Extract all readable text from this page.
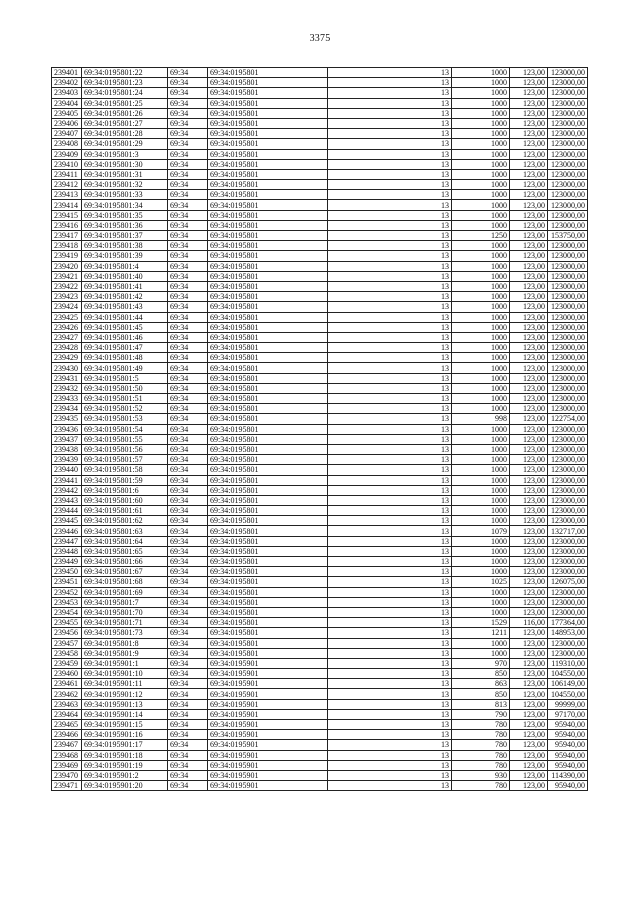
3375
239401	69:34:0195801:22	69:34	69:34:0195801	13	1000	123,00	123000,00
239402	69:34:0195801:23	69:34	69:34:0195801	13	1000	123,00	123000,00
239403	69:34:0195801:24	69:34	69:34:0195801	13	1000	123,00	123000,00
239404	69:34:0195801:25	69:34	69:34:0195801	13	1000	123,00	123000,00
239405	69:34:0195801:26	69:34	69:34:0195801	13	1000	123,00	123000,00
239406	69:34:0195801:27	69:34	69:34:0195801	13	1000	123,00	123000,00
239407	69:34:0195801:28	69:34	69:34:0195801	13	1000	123,00	123000,00
239408	69:34:0195801:29	69:34	69:34:0195801	13	1000	123,00	123000,00
239409	69:34:0195801:3	69:34	69:34:0195801	13	1000	123,00	123000,00
239410	69:34:0195801:30	69:34	69:34:0195801	13	1000	123,00	123000,00
239411	69:34:0195801:31	69:34	69:34:0195801	13	1000	123,00	123000,00
239412	69:34:0195801:32	69:34	69:34:0195801	13	1000	123,00	123000,00
239413	69:34:0195801:33	69:34	69:34:0195801	13	1000	123,00	123000,00
239414	69:34:0195801:34	69:34	69:34:0195801	13	1000	123,00	123000,00
239415	69:34:0195801:35	69:34	69:34:0195801	13	1000	123,00	123000,00
239416	69:34:0195801:36	69:34	69:34:0195801	13	1000	123,00	123000,00
239417	69:34:0195801:37	69:34	69:34:0195801	13	1250	123,00	153750,00
239418	69:34:0195801:38	69:34	69:34:0195801	13	1000	123,00	123000,00
239419	69:34:0195801:39	69:34	69:34:0195801	13	1000	123,00	123000,00
239420	69:34:0195801:4	69:34	69:34:0195801	13	1000	123,00	123000,00
239421	69:34:0195801:40	69:34	69:34:0195801	13	1000	123,00	123000,00
239422	69:34:0195801:41	69:34	69:34:0195801	13	1000	123,00	123000,00
239423	69:34:0195801:42	69:34	69:34:0195801	13	1000	123,00	123000,00
239424	69:34:0195801:43	69:34	69:34:0195801	13	1000	123,00	123000,00
239425	69:34:0195801:44	69:34	69:34:0195801	13	1000	123,00	123000,00
239426	69:34:0195801:45	69:34	69:34:0195801	13	1000	123,00	123000,00
239427	69:34:0195801:46	69:34	69:34:0195801	13	1000	123,00	123000,00
239428	69:34:0195801:47	69:34	69:34:0195801	13	1000	123,00	123000,00
239429	69:34:0195801:48	69:34	69:34:0195801	13	1000	123,00	123000,00
239430	69:34:0195801:49	69:34	69:34:0195801	13	1000	123,00	123000,00
239431	69:34:0195801:5	69:34	69:34:0195801	13	1000	123,00	123000,00
239432	69:34:0195801:50	69:34	69:34:0195801	13	1000	123,00	123000,00
239433	69:34:0195801:51	69:34	69:34:0195801	13	1000	123,00	123000,00
239434	69:34:0195801:52	69:34	69:34:0195801	13	1000	123,00	123000,00
239435	69:34:0195801:53	69:34	69:34:0195801	13	998	123,00	122754,00
239436	69:34:0195801:54	69:34	69:34:0195801	13	1000	123,00	123000,00
239437	69:34:0195801:55	69:34	69:34:0195801	13	1000	123,00	123000,00
239438	69:34:0195801:56	69:34	69:34:0195801	13	1000	123,00	123000,00
239439	69:34:0195801:57	69:34	69:34:0195801	13	1000	123,00	123000,00
239440	69:34:0195801:58	69:34	69:34:0195801	13	1000	123,00	123000,00
239441	69:34:0195801:59	69:34	69:34:0195801	13	1000	123,00	123000,00
239442	69:34:0195801:6	69:34	69:34:0195801	13	1000	123,00	123000,00
239443	69:34:0195801:60	69:34	69:34:0195801	13	1000	123,00	123000,00
239444	69:34:0195801:61	69:34	69:34:0195801	13	1000	123,00	123000,00
239445	69:34:0195801:62	69:34	69:34:0195801	13	1000	123,00	123000,00
239446	69:34:0195801:63	69:34	69:34:0195801	13	1079	123,00	132717,00
239447	69:34:0195801:64	69:34	69:34:0195801	13	1000	123,00	123000,00
239448	69:34:0195801:65	69:34	69:34:0195801	13	1000	123,00	123000,00
239449	69:34:0195801:66	69:34	69:34:0195801	13	1000	123,00	123000,00
239450	69:34:0195801:67	69:34	69:34:0195801	13	1000	123,00	123000,00
239451	69:34:0195801:68	69:34	69:34:0195801	13	1025	123,00	126075,00
239452	69:34:0195801:69	69:34	69:34:0195801	13	1000	123,00	123000,00
239453	69:34:0195801:7	69:34	69:34:0195801	13	1000	123,00	123000,00
239454	69:34:0195801:70	69:34	69:34:0195801	13	1000	123,00	123000,00
239455	69:34:0195801:71	69:34	69:34:0195801	13	1529	116,00	177364,00
239456	69:34:0195801:73	69:34	69:34:0195801	13	1211	123,00	148953,00
239457	69:34:0195801:8	69:34	69:34:0195801	13	1000	123,00	123000,00
239458	69:34:0195801:9	69:34	69:34:0195801	13	1000	123,00	123000,00
239459	69:34:0195901:1	69:34	69:34:0195901	13	970	123,00	119310,00
239460	69:34:0195901:10	69:34	69:34:0195901	13	850	123,00	104550,00
239461	69:34:0195901:11	69:34	69:34:0195901	13	863	123,00	106149,00
239462	69:34:0195901:12	69:34	69:34:0195901	13	850	123,00	104550,00
239463	69:34:0195901:13	69:34	69:34:0195901	13	813	123,00	99999,00
239464	69:34:0195901:14	69:34	69:34:0195901	13	790	123,00	97170,00
239465	69:34:0195901:15	69:34	69:34:0195901	13	780	123,00	95940,00
239466	69:34:0195901:16	69:34	69:34:0195901	13	780	123,00	95940,00
239467	69:34:0195901:17	69:34	69:34:0195901	13	780	123,00	95940,00
239468	69:34:0195901:18	69:34	69:34:0195901	13	780	123,00	95940,00
239469	69:34:0195901:19	69:34	69:34:0195901	13	780	123,00	95940,00
239470	69:34:0195901:2	69:34	69:34:0195901	13	930	123,00	114390,00
239471	69:34:0195901:20	69:34	69:34:0195901	13	780	123,00	95940,00
